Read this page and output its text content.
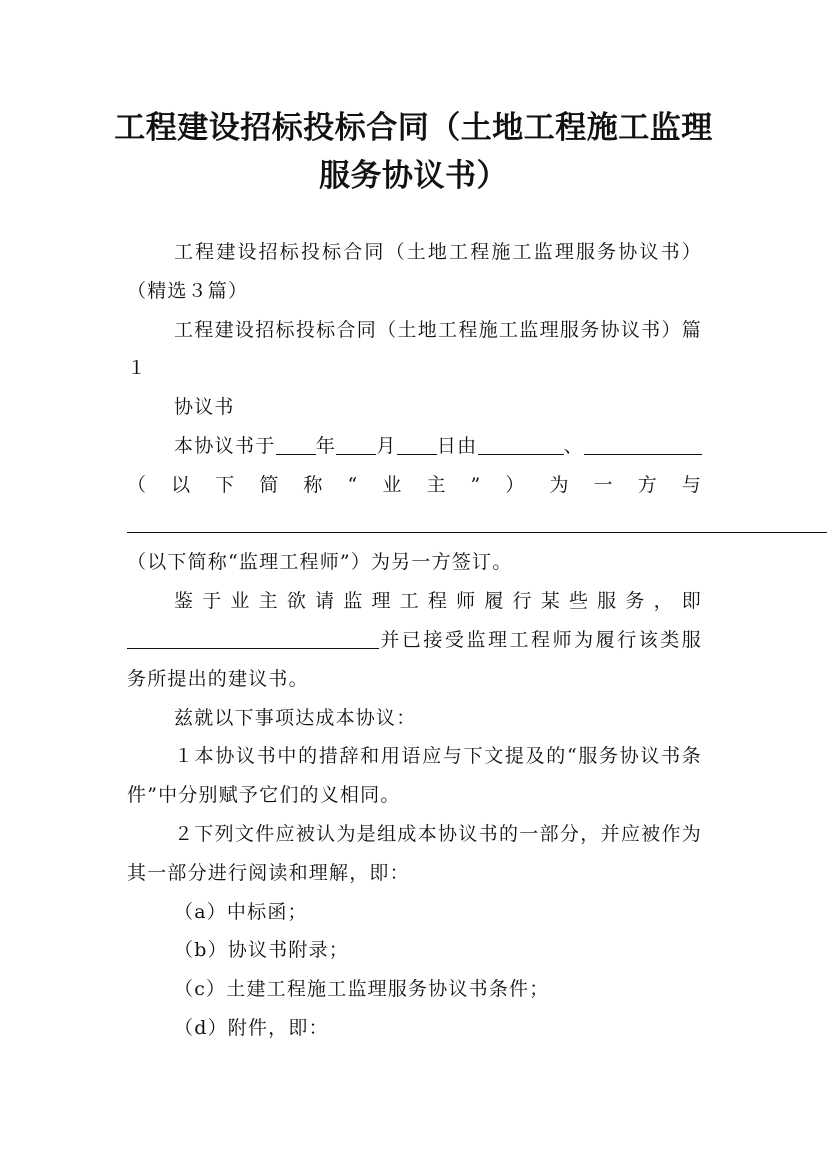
工程建设招标投标合同（土地工程施工监理
服务协议书）

工程建设招标投标合同（土地工程施工监理服务协议书）（精选３篇）

工程建设招标投标合同（土地工程施工监理服务协议书）篇１

协议书

本协议书于 年 月 日由	、（以下简称“业主”）为一方与（以下简称“监理工程师”）为另一方签订。

鉴于业主欲请监理工程师履行某些服务，即并已接受监理工程师为履行该类服务所提出的建议书。

兹就以下事项达成本协议：

１本协议书中的措辞和用语应与下文提及的“服务协议书条件”中分别赋予它们的义相同。

２下列文件应被认为是组成本协议书的一部分，并应被作为其一部分进行阅读和理解，即：

（a）中标函；

（b）协议书附录；

（c）土建工程施工监理服务协议书条件；

（d）附件，即：
